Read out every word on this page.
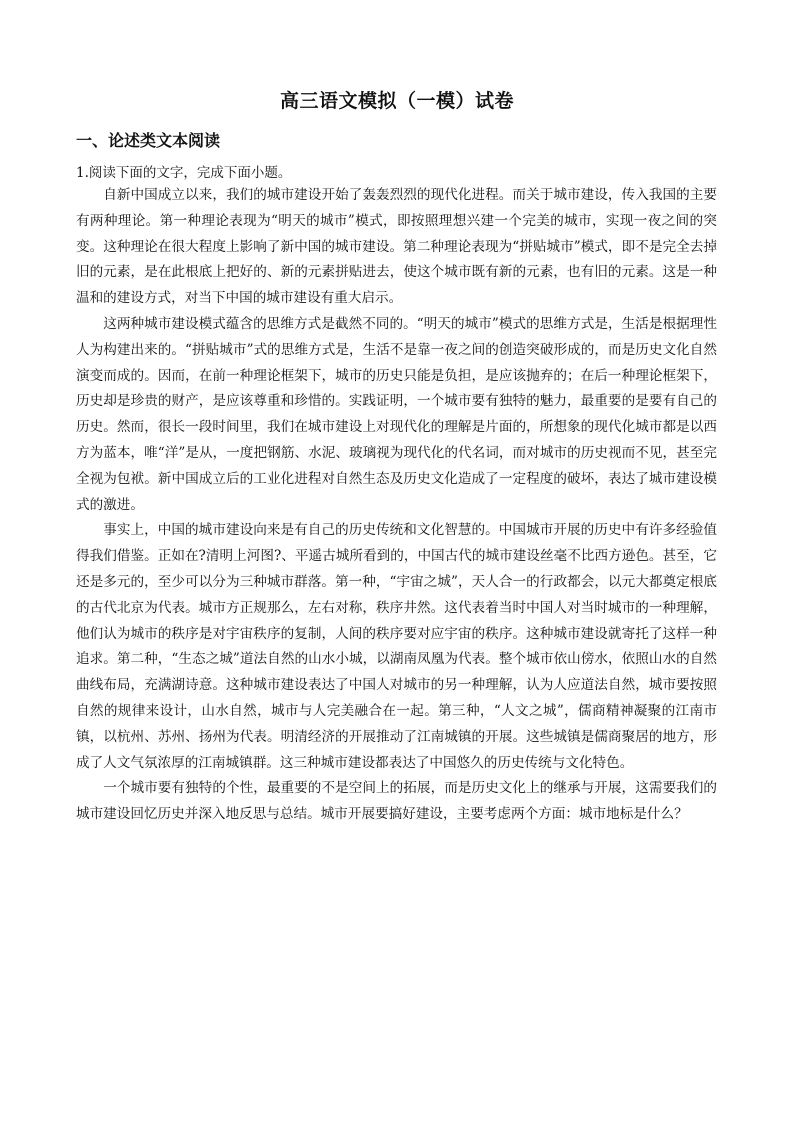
高三语文模拟（一模）试卷
一、论述类文本阅读
1.阅读下面的文字，完成下面小题。

自新中国成立以来，我们的城市建设开始了轰轰烈烈的现代化进程。而关于城市建设，传入我国的主要有两种理论。第一种理论表现为“明天的城市”模式，即按照理想兴建一个完美的城市，实现一夜之间的突变。这种理论在很大程度上影响了新中国的城市建设。第二种理论表现为“拼贴城市”模式，即不是完全去掉旧的元素，是在此根底上把好的、新的元素拼贴进去，使这个城市既有新的元素，也有旧的元素。这是一种温和的建设方式，对当下中国的城市建设有重大启示。

这两种城市建设模式蕴含的思维方式是截然不同的。“明天的城市”模式的思维方式是，生活是根据理性人为构建出来的。“拼贴城市”式的思维方式是，生活不是靠一夜之间的创造突破形成的，而是历史文化自然演变而成的。因而，在前一种理论框架下，城市的历史只能是负担，是应该抛弃的；在后一种理论框架下，历史却是珍贵的财产，是应该尊重和珍惜的。实践证明，一个城市要有独特的魅力，最重要的是要有自己的历史。然而，很长一段时间里，我们在城市建设上对现代化的理解是片面的，所想象的现代化城市都是以西方为蓝本，唯“洋”是从，一度把钢筋、水泥、玻璃视为现代化的代名词，而对城市的历史视而不见，甚至完全视为包袱。新中国成立后的工业化进程对自然生态及历史文化造成了一定程度的破坏，表达了城市建设模式的激进。

事实上，中国的城市建设向来是有自己的历史传统和文化智慧的。中国城市开展的历史中有许多经验值得我们借鉴。正如在?清明上河图?、平遥古城所看到的，中国古代的城市建设丝毫不比西方逊色。甚至，它还是多元的，至少可以分为三种城市群落。第一种，“宇宙之城”，天人合一的行政都会，以元大都奠定根底的古代北京为代表。城市方正规那么，左右对称，秩序井然。这代表着当时中国人对当时城市的一种理解，他们认为城市的秩序是对宇宙秩序的复制，人间的秩序要对应宇宙的秩序。这种城市建设就寄托了这样一种追求。第二种，“生态之城”道法自然的山水小城，以湖南凤凰为代表。整个城市依山傍水，依照山水的自然曲线布局，充满湖诗意。这种城市建设表达了中国人对城市的另一种理解，认为人应道法自然，城市要按照自然的规律来设计，山水自然，城市与人完美融合在一起。第三种，“人文之城”，儒商精神凝聚的江南市镇，以杭州、苏州、扬州为代表。明清经济的开展推动了江南城镇的开展。这些城镇是儒商聚居的地方，形成了人文气氛浓厚的江南城镇群。这三种城市建设都表达了中国悠久的历史传统与文化特色。

一个城市要有独特的个性，最重要的不是空间上的拓展，而是历史文化上的继承与开展，这需要我们的城市建设回忆历史并深入地反思与总结。城市开展要搞好建设，主要考虑两个方面：城市地标是什么？
